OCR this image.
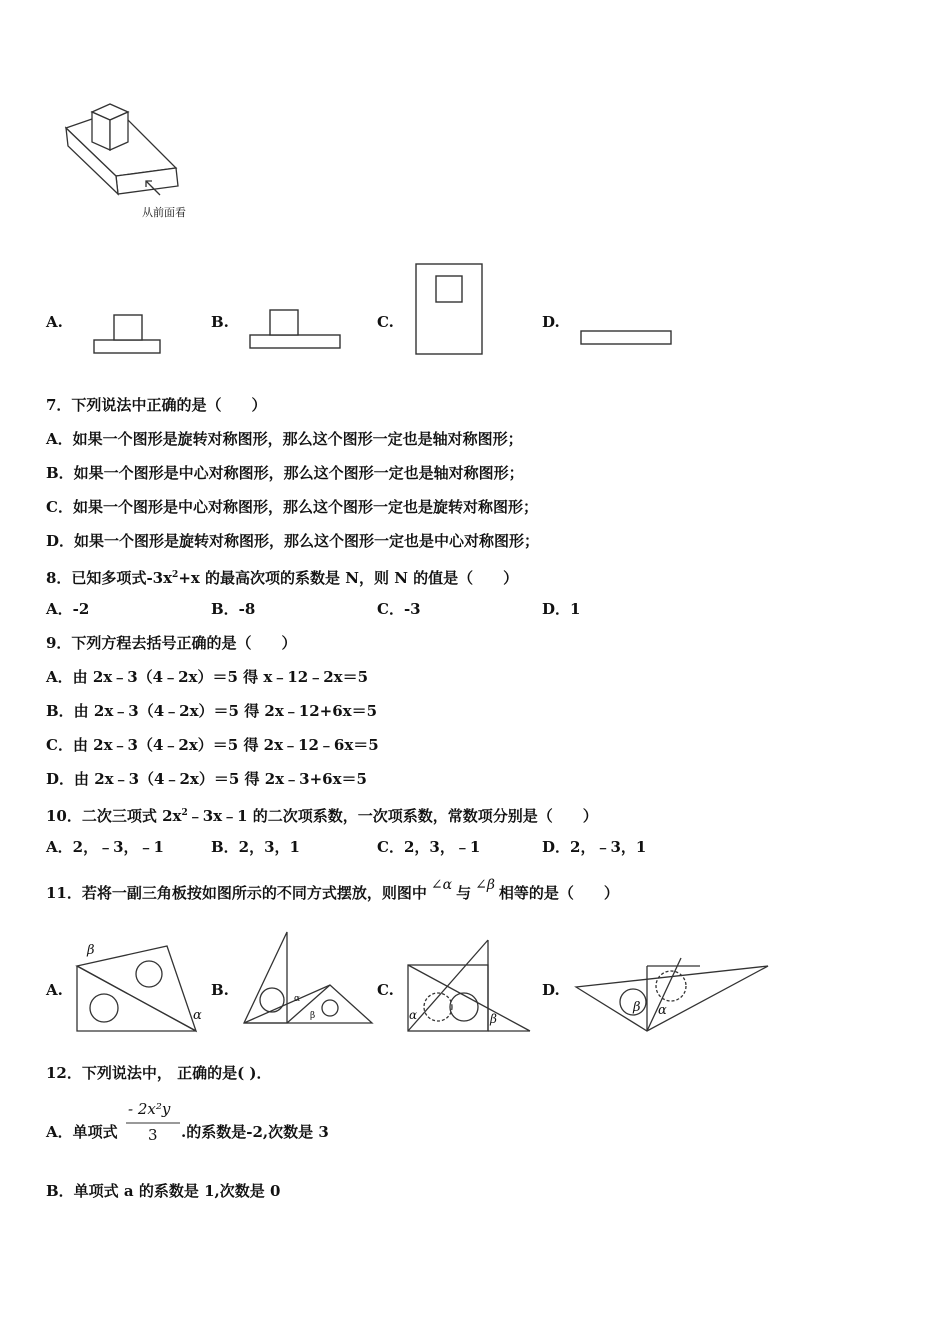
从前面看
A.	B.	C.	D.
7．下列说法中正确的是（　　）
A．如果一个图形是旋转对称图形，那么这个图形一定也是轴对称图形；
B．如果一个图形是中心对称图形，那么这个图形一定也是轴对称图形；
C．如果一个图形是中心对称图形，那么这个图形一定也是旋转对称图形；
D．如果一个图形是旋转对称图形，那么这个图形一定也是中心对称图形；
8．已知多项式$-3x^2+x$ 的最高次项的系数是 N，则 N 的值是（　　）
A．-2	B．-8	C．-3	D．1
9．下列方程去括号正确的是（　　）
A．由 2x﹣3（4﹣2x）＝5 得 x﹣12﹣2x＝5
B．由 2x﹣3（4﹣2x）＝5 得 2x﹣12+6x＝5
C．由 2x﹣3（4﹣2x）＝5 得 2x﹣12﹣6x＝5
D．由 2x﹣3（4﹣2x）＝5 得 2x﹣3+6x＝5
10．二次三项式 $2x^2﹣3x﹣1$ 的二次项系数，一次项系数，常数项分别是（　　）
A．2，﹣3，﹣1	B．2，3，1	C．2，3，﹣1	D．2，﹣3，1
11．若将一副三角板按如图所示的不同方式摆放，则图中 ∠α 与 ∠β 相等的是（　　）
A.	B.	C.	D.
β
α
α
β	α	β
β α
12．下列说法中， 正确的是( )．
A．单项式
- 2x²y
3 .的系数是-2,次数是 3
B．单项式 a 的系数是 1,次数是 0
